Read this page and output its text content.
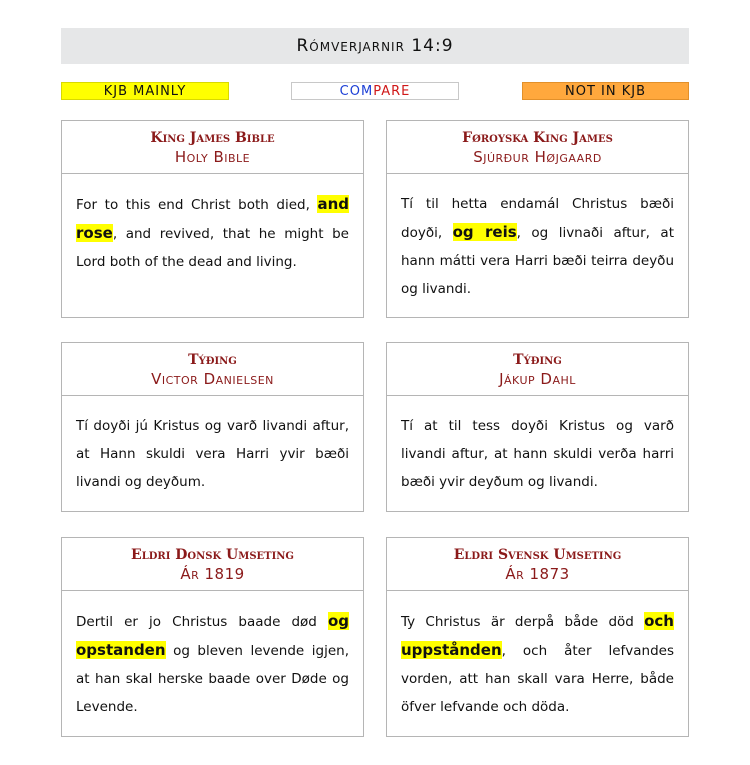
Rómverjarnir 14:9
KJB MAINLY	COM PARE	NOT IN KJB
King James Bible
Holy Bible
For to this end Christ both died, and rose, and revived, that he might be Lord both of the dead and living.
Føroyska King James
Sjúrður Højgaard
Tí til hetta endamál Christus bæði doyði, og reis, og livnaði aftur, at hann mátti vera Harri bæði teirra deyðu og livandi.
Týðing
Victor Danielsen
Tí doyði jú Kristus og varð livandi aftur, at Hann skuldi vera Harri yvir bæði livandi og deyðum.
Týðing
Jákup Dahl
Tí at til tess doyði Kristus og varð livandi aftur, at hann skuldi verða harri bæði yvir deyðum og livandi.
Eldri Donsk Umseting
Ár 1819
Dertil er jo Christus baade død og opstanden og bleven levende igjen, at han skal herske baade over Døde og Levende.
Eldri Svensk Umseting
Ár 1873
Ty Christus är derpå både död och uppstånden, och åter lefvandes vorden, att han skall vara Herre, både öfver lefvande och döda.
